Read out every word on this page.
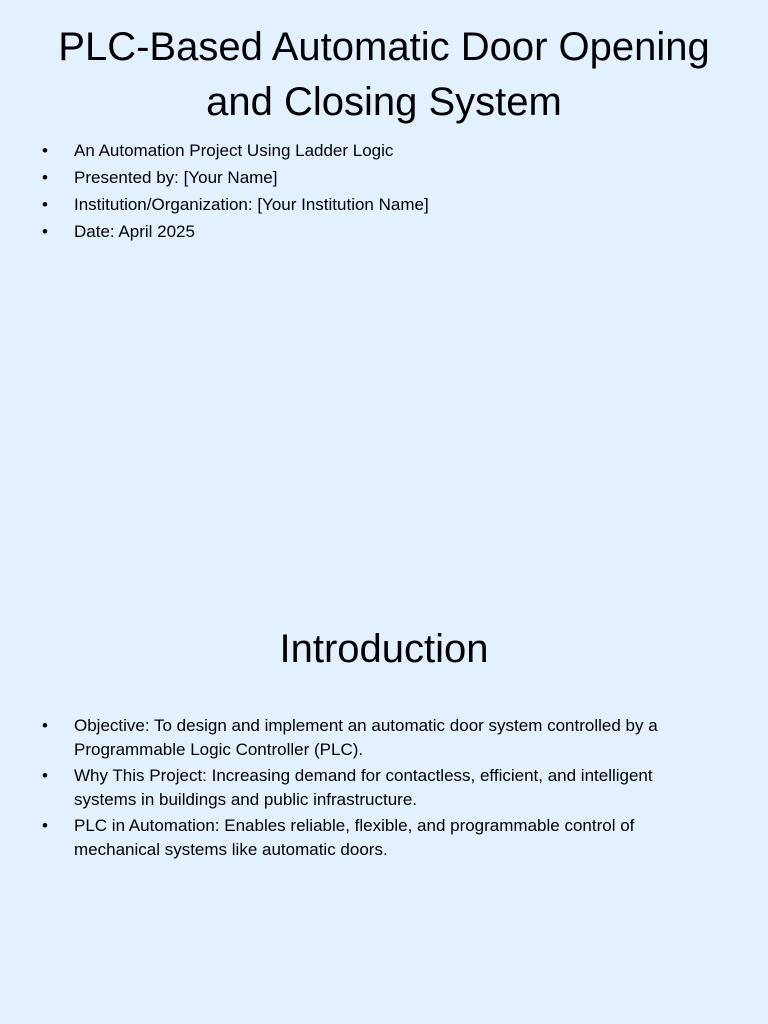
PLC-Based Automatic Door Opening and Closing System
• An Automation Project Using Ladder Logic
• Presented by: [Your Name]
• Institution/Organization: [Your Institution Name]
• Date: April 2025
Introduction
• Objective: To design and implement an automatic door system controlled by a Programmable Logic Controller (PLC).
• Why This Project: Increasing demand for contactless, efficient, and intelligent systems in buildings and public infrastructure.
• PLC in Automation: Enables reliable, flexible, and programmable control of mechanical systems like automatic doors.
